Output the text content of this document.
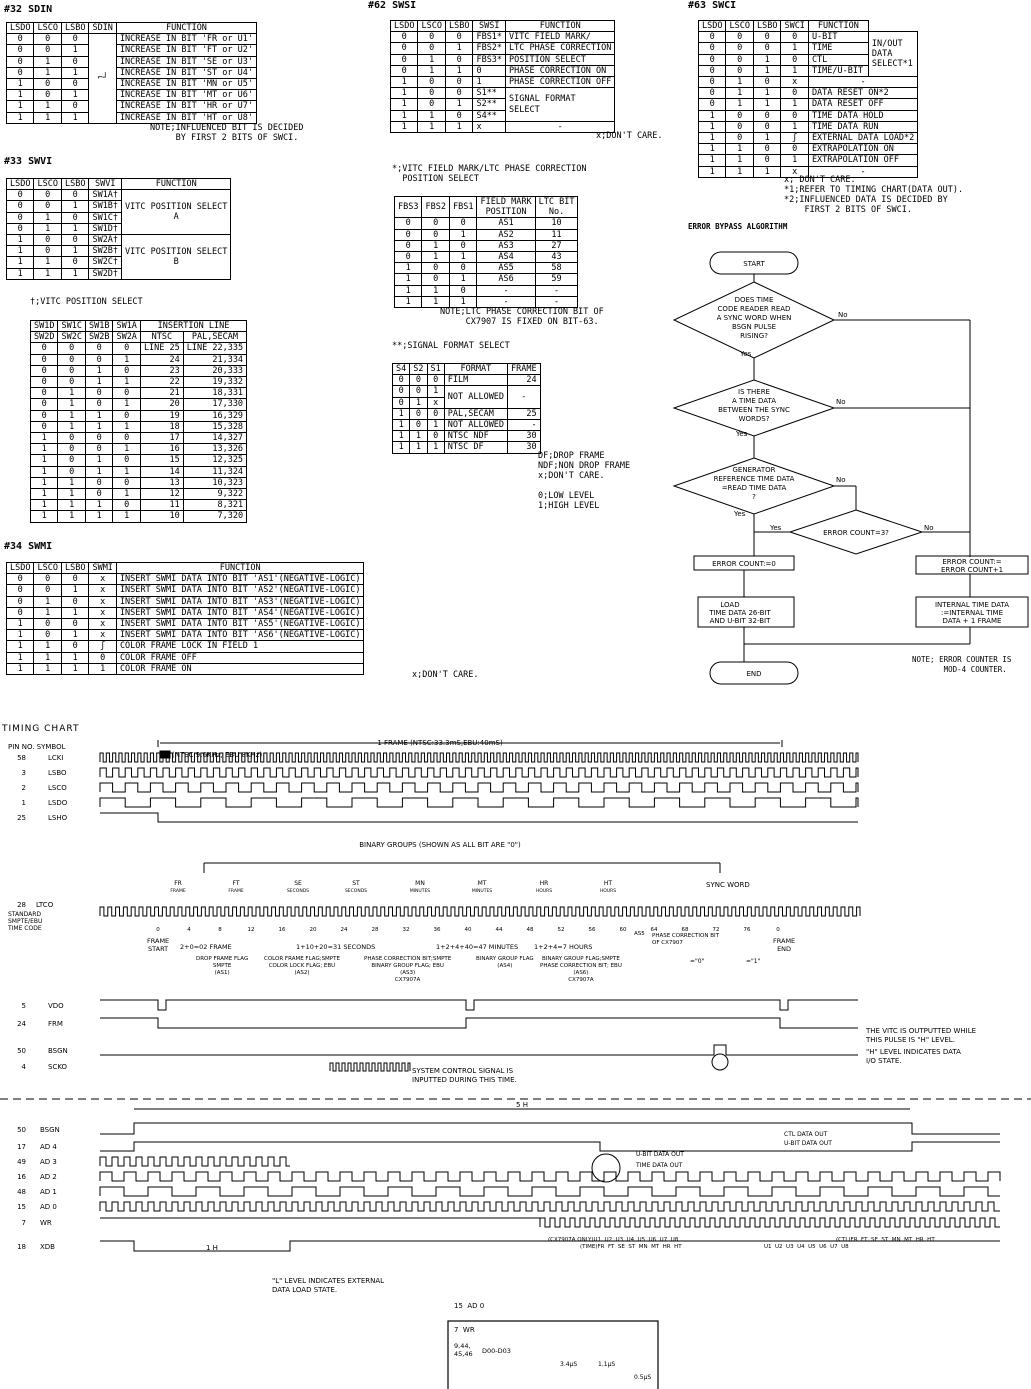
#32 SDIN
LSDO	LSCO	LSBO	SDIN	FUNCTION
0	0	0	⌐┘	INCREASE IN BIT 'FR or U1'
0	0	1		INCREASE IN BIT 'FT or U2'
0	1	0		INCREASE IN BIT 'SE or U3'
0	1	1		INCREASE IN BIT 'ST or U4'
1	0	0		INCREASE IN BIT 'MN or U5'
1	0	1		INCREASE IN BIT 'MT or U6'
1	1	0		INCREASE IN BIT 'HR or U7'
1	1	1		INCREASE IN BIT 'HT or U8'
NOTE;INFLUENCED BIT IS DECIDED
BY FIRST 2 BITS OF SWCI.
#33 SWVI
LSDO	LSCO	LSBO	SWVI	FUNCTION
0	0	0	SW1A†	VITC POSITION SELECT
A
0	0	1	SW1B†	
0	1	0	SW1C†	
0	1	1	SW1D†	
1	0	0	SW2A†	VITC POSITION SELECT
B
1	0	1	SW2B†	
1	1	0	SW2C†	
1	1	1	SW2D†	
†;VITC POSITION SELECT
SW1D	SW1C	SW1B	SW1A	INSERTION LINE	
SW2D	SW2C	SW2B	SW2A	NTSC	PAL,SECAM
0	0	0	0	LINE 25	LINE 22,335
0	0	0	1	24	21,334
0	0	1	0	23	20,333
0	0	1	1	22	19,332
0	1	0	0	21	18,331
0	1	0	1	20	17,330
0	1	1	0	19	16,329
0	1	1	1	18	15,328
1	0	0	0	17	14,327
1	0	0	1	16	13,326
1	0	1	0	15	12,325
1	0	1	1	14	11,324
1	1	0	0	13	10,323
1	1	0	1	12	9,322
1	1	1	0	11	8,321
1	1	1	1	10	7,320
#34 SWMI
LSDO	LSCO	LSBO	SWMI	FUNCTION
0	0	0	x	INSERT SWMI DATA INTO BIT 'AS1'(NEGATIVE-LOGIC)
0	0	1	x	INSERT SWMI DATA INTO BIT 'AS2'(NEGATIVE-LOGIC)
0	1	0	x	INSERT SWMI DATA INTO BIT 'AS3'(NEGATIVE-LOGIC)
0	1	1	x	INSERT SWMI DATA INTO BIT 'AS4'(NEGATIVE-LOGIC)
1	0	0	x	INSERT SWMI DATA INTO BIT 'AS5'(NEGATIVE-LOGIC)
1	0	1	x	INSERT SWMI DATA INTO BIT 'AS6'(NEGATIVE-LOGIC)
1	1	0	ʃ	COLOR FRAME LOCK IN FIELD 1
1	1	1	0	COLOR FRAME OFF
1	1	1	1	COLOR FRAME ON
x;DON'T CARE.
#62 SWSI
LSDO	LSCO	LSBO	SWSI	FUNCTION
0	0	0	FBS1*	VITC FIELD MARK/
0	0	1	FBS2*	LTC PHASE CORRECTION
0	1	0	FBS3*	POSITION SELECT
0	1	1	0	PHASE CORRECTION ON
1	0	0	1	PHASE CORRECTION OFF
1	0	0	S1**	SIGNAL FORMAT
SELECT
1	0	1	S2**	
1	1	0	S4**	
1	1	1	x	-
x;DON'T CARE.
*;VITC FIELD MARK/LTC PHASE CORRECTION
POSITION SELECT
FBS3	FBS2	FBS1	FIELD MARK
POSITION	LTC BIT
No.
0	0	0	AS1	10
0	0	1	AS2	11
0	1	0	AS3	27
0	1	1	AS4	43
1	0	0	AS5	58
1	0	1	AS6	59
1	1	0	-	-
1	1	1	-	-
NOTE;LTC PHASE CORRECTION BIT OF
CX7907 IS FIXED ON BIT-63.
**;SIGNAL FORMAT SELECT
S4	S2	S1	FORMAT	FRAME
0	0	0	FILM	24
0	0	1	NOT ALLOWED	-
0	1	x		
1	0	0	PAL,SECAM	25
1	0	1	NOT ALLOWED	-
1	1	0	NTSC NDF	30
1	1	1	NTSC DF	30
DF;DROP FRAME
NDF;NON DROP FRAME
x;DON'T CARE.

0;LOW LEVEL
1;HIGH LEVEL
#63 SWCI
LSDO	LSCO	LSBO	SWCI	FUNCTION	
0	0	0	0	U-BIT	IN/OUT
DATA
SELECT*1
0	0	0	1	TIME	
0	0	1	0	CTL	
0	0	1	1	TIME/U-BIT	
0	1	0	x	-	
0	1	1	0	DATA RESET ON*2	
0	1	1	1	DATA RESET OFF	
1	0	0	0	TIME DATA HOLD	
1	0	0	1	TIME DATA RUN	
1	0	1	ʃ	EXTERNAL DATA LOAD*2	
1	1	0	0	EXTRAPOLATION ON	
1	1	0	1	EXTRAPOLATION OFF	
1	1	1	x	-	
x; DON'T CARE.
*1;REFER TO TIMING CHART(DATA OUT).
*2;INFLUENCED DATA IS DECIDED BY
FIRST 2 BITS OF SWCI.
ERROR BYPASS ALGORITHM
START
DOES TIME
CODE READER READ
A SYNC WORD WHEN
BSGN PULSE
RISING?
IS THERE
A TIME DATA
BETWEEN THE SYNC
WORDS?
GENERATOR
REFERENCE TIME DATA
=READ TIME DATA
?
ERROR COUNT=3?
ERROR COUNT:=0	ERROR COUNT:=
ERROR COUNT+1
LOAD
TIME DATA 26-BIT
AND U-BIT 32-BIT
INTERNAL TIME DATA
:=INTERNAL TIME
DATA + 1 FRAME
END
Yes
No
Yes
No
Yes
No
Yes	No
NOTE; ERROR COUNTER IS
MOD-4 COUNTER.
TIMING CHART
PIN NO. SYMBOL
58	LCKI
3	LSBO
2	LSCO
1	LSDO
25	LSHO
FR
FRAME
FT
FRAME
SE
SECONDS
ST
SECONDS
MN
MINUTES
MT
MINUTES
HR
HOURS
HT
HOURS
28 LTCO
STANDARD
SMPTE/EBU
TIME CODE	0	4	8	12	16	20	24	28	32	36	40	44	48	52	56	60	64	68	72	76	0
5	VDO
24	FRM
50	BSGN
4	SCKO
50 BSGN
17 AD 4
49 AD 3
16 AD 2
48 AD 1
15 AD 0
7 WR
18 XDB
1 FRAME (NTSC:33.3mS,EBU:40mS)
(NTSC 9.6KHz, EBU 8KHz)
BINARY GROUPS (SHOWN AS ALL BIT ARE "0")
SYNC WORD
5 H
THE VITC IS OUTPUTTED WHILE
THIS PULSE IS "H" LEVEL.
"H" LEVEL INDICATES DATA
I/O STATE.
SYSTEM CONTROL SIGNAL IS
INPUTTED DURING THIS TIME.
"L" LEVEL INDICATES EXTERNAL
DATA LOAD STATE.
FRAME
START
FRAME
END
2+0=02 FRAME	1+10+20=31 SECONDS	1+2+4+40=47 MINUTES 1+2+4=7 HOURS
DROP FRAME FLAG
SMPTE
(AS1)
COLOR FRAME FLAG;SMPTE
COLOR LOCK FLAG; EBU
(AS2)
PHASE CORRECTION BIT;SMPTE
BINARY GROUP FLAG; EBU
(AS3)
CX7907A
BINARY GROUP FLAG
(AS4)
BINARY GROUP FLAG;SMPTE
PHASE CORRECTION BIT; EBU
(AS6)
CX7907A
AS5 PHASE CORRECTION BIT
OF CX7907
="0"	="1"
CTL DATA OUT
U-BIT DATA OUT
U-BIT DATA OUT
TIME DATA OUT
1 H
(CX7907A ONLY)U1  U2  U3  U4  U5  U6  U7  U8
(TIME)FR  FT  SE  ST  MN  MT  HR  HT
(CTL)FR  FT  SE  ST  MN  MT  HR  HT
U1  U2  U3  U4  U5  U6  U7  U8
15  AD 0
7  WR
9,44,
45,46 D00-D03
3.4μS	1.1μS
0.5μS
